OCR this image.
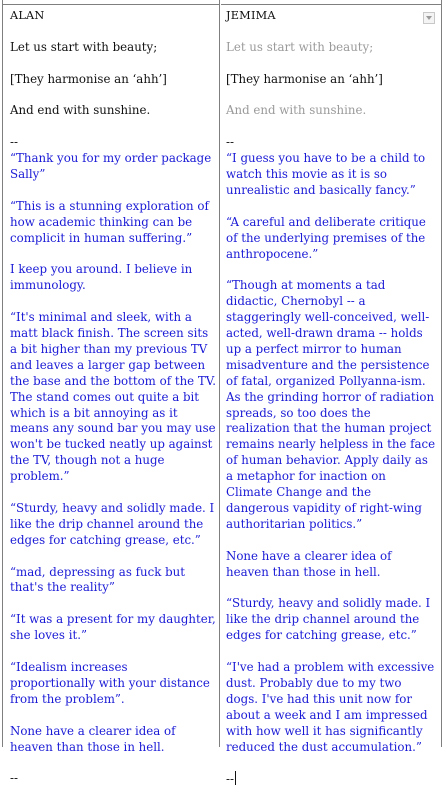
ALAN

Let us start with beauty;

[They harmonise an ‘ahh’]

And end with sunshine.

--

“Thank you for my order package Sally”

“This is a stunning exploration of how academic thinking can be complicit in human suffering.”

I keep you around. I believe in immunology.

“It's minimal and sleek, with a matt black finish. The screen sits a bit higher than my previous TV and leaves a larger gap between the base and the bottom of the TV. The stand comes out quite a bit which is a bit annoying as it means any sound bar you may use won't be tucked neatly up against the TV, though not a huge problem.”

“Sturdy, heavy and solidly made. I like the drip channel around the edges for catching grease, etc.”

“mad, depressing as fuck but that's the reality”

“It was a present for my daughter, she loves it.”

“Idealism increases proportionally with your distance from the problem”.

None have a clearer idea of heaven than those in hell.

--

JEMIMA

Let us start with beauty;

[They harmonise an ‘ahh’]

And end with sunshine.

--

“I guess you have to be a child to watch this movie as it is so unrealistic and basically fancy.”

“A careful and deliberate critique of the underlying premises of the anthropocene.”

“Though at moments a tad didactic, Chernobyl -- a staggeringly well-conceived, well-acted, well-drawn drama -- holds up a perfect mirror to human misadventure and the persistence of fatal, organized Pollyanna-ism. As the grinding horror of radiation spreads, so too does the realization that the human project remains nearly helpless in the face of human behavior. Apply daily as a metaphor for inaction on Climate Change and the dangerous vapidity of right-wing authoritarian politics.”

None have a clearer idea of heaven than those in hell.

“Sturdy, heavy and solidly made. I like the drip channel around the edges for catching grease, etc.”

“I've had a problem with excessive dust. Probably due to my two dogs. I've had this unit now for about a week and I am impressed with how well it has significantly reduced the dust accumulation.”

--
